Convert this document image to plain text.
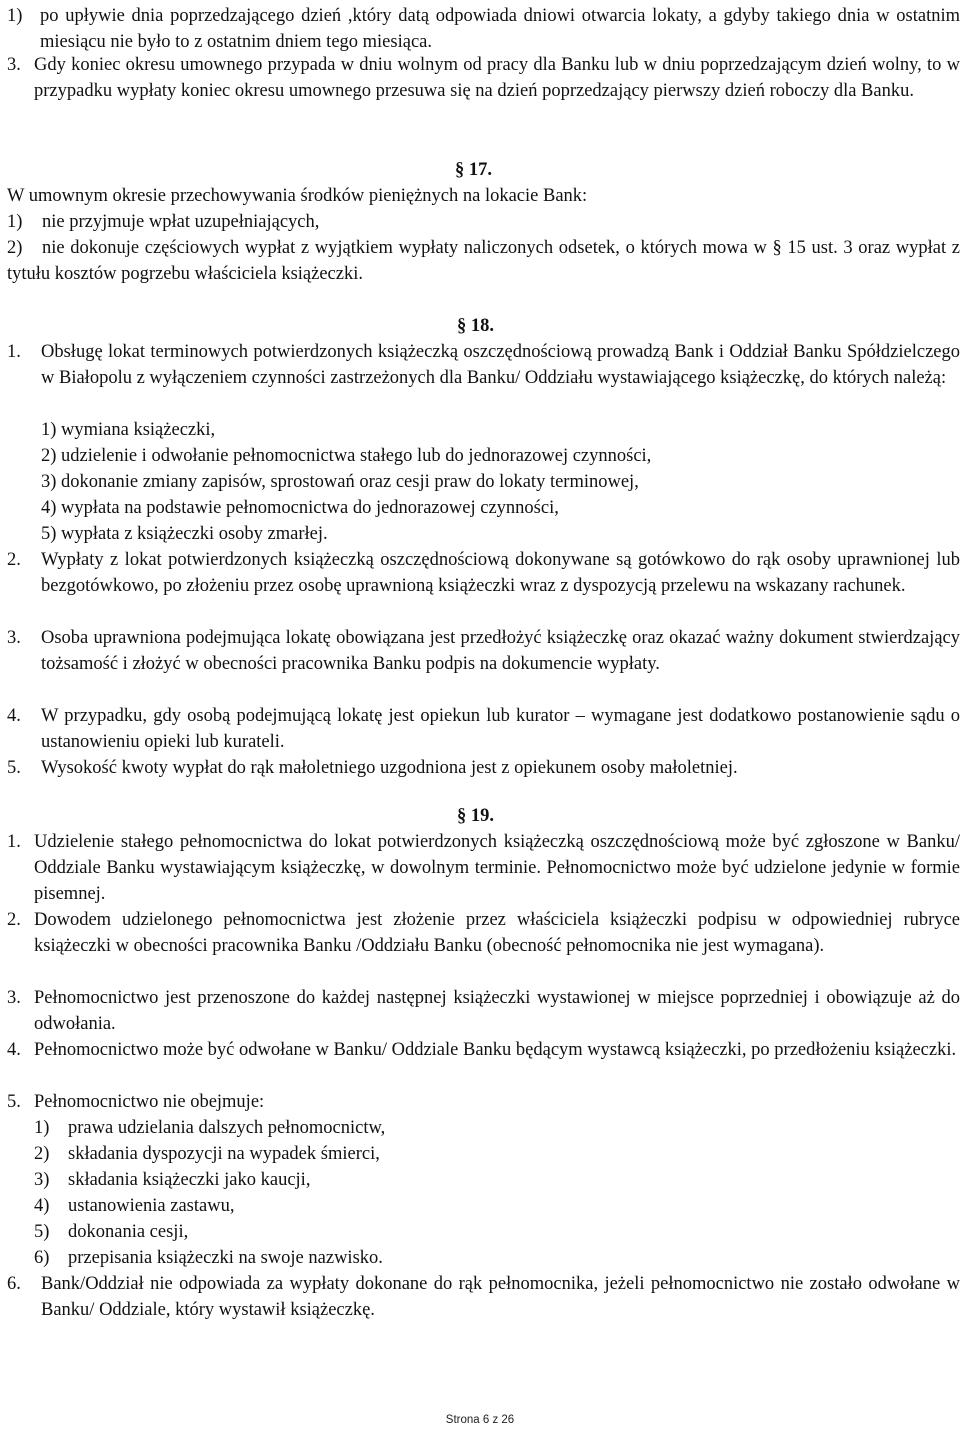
1) po upływie dnia poprzedzającego dzień ,który datą odpowiada dniowi otwarcia lokaty, a gdyby takiego dnia w ostatnim miesiącu nie było to z ostatnim dniem tego miesiąca.
3. Gdy koniec okresu umownego przypada w dniu wolnym od pracy dla Banku lub w dniu poprzedzającym dzień wolny, to w przypadku wypłaty koniec okresu umownego przesuwa się na dzień poprzedzający pierwszy dzień roboczy dla Banku.
§ 17.
W umownym okresie przechowywania środków pieniężnych na lokacie Bank:
1)	nie przyjmuje wpłat uzupełniających,
2)	nie dokonuje częściowych wypłat z wyjątkiem wypłaty naliczonych odsetek, o których mowa w § 15 ust. 3 oraz wypłat z tytułu kosztów pogrzebu właściciela książeczki.
§ 18.
1.	Obsługę lokat terminowych potwierdzonych książeczką oszczędnościową prowadzą Bank i Oddział Banku Spółdzielczego w Białopolu z wyłączeniem czynności zastrzeżonych dla Banku/ Oddziału wystawiającego książeczkę, do których należą:
1) wymiana książeczki,
2) udzielenie i odwołanie pełnomocnictwa stałego lub do jednorazowej czynności,
3) dokonanie zmiany zapisów, sprostowań oraz cesji praw do lokaty terminowej,
4) wypłata na podstawie pełnomocnictwa do jednorazowej czynności,
5) wypłata z książeczki osoby zmarłej.
2.	Wypłaty z lokat potwierdzonych książeczką oszczędnościową dokonywane są gotówkowo do rąk osoby uprawnionej lub bezgotówkowo, po złożeniu przez osobę uprawnioną książeczki wraz z dyspozycją przelewu na wskazany rachunek.
3.	Osoba uprawniona podejmująca lokatę obowiązana jest przedłożyć książeczkę oraz okazać ważny dokument stwierdzający tożsamość i złożyć w obecności pracownika Banku podpis na dokumencie wypłaty.
4.	W przypadku, gdy osobą podejmującą lokatę jest opiekun lub kurator – wymagane jest dodatkowo postanowienie sądu o ustanowieniu opieki lub kurateli.
5.	Wysokość kwoty wypłat do rąk małoletniego uzgodniona jest z opiekunem osoby małoletniej.
§ 19.
1. Udzielenie stałego pełnomocnictwa do lokat potwierdzonych książeczką oszczędnościową może być zgłoszone w Banku/ Oddziale Banku wystawiającym książeczkę, w dowolnym terminie. Pełnomocnictwo może być udzielone jedynie w formie pisemnej.
2. Dowodem udzielonego pełnomocnictwa jest złożenie przez właściciela książeczki podpisu w odpowiedniej rubryce książeczki w obecności pracownika Banku /Oddziału Banku (obecność pełnomocnika nie jest wymagana).
3. Pełnomocnictwo jest przenoszone do każdej następnej książeczki wystawionej w miejsce poprzedniej i obowiązuje aż do odwołania.
4. Pełnomocnictwo może być odwołane w Banku/ Oddziale Banku będącym wystawcą książeczki, po przedłożeniu książeczki.
5. Pełnomocnictwo nie obejmuje:
1)	prawa udzielania dalszych pełnomocnictw,
2)	składania dyspozycji na wypadek śmierci,
3)	składania książeczki jako kaucji,
4)	ustanowienia zastawu,
5)	dokonania cesji,
6)	przepisania książeczki na swoje nazwisko.
6.	Bank/Oddział nie odpowiada za wypłaty dokonane do rąk pełnomocnika, jeżeli pełnomocnictwo nie zostało odwołane w Banku/ Oddziale, który wystawił książeczkę.
Strona 6 z 26
